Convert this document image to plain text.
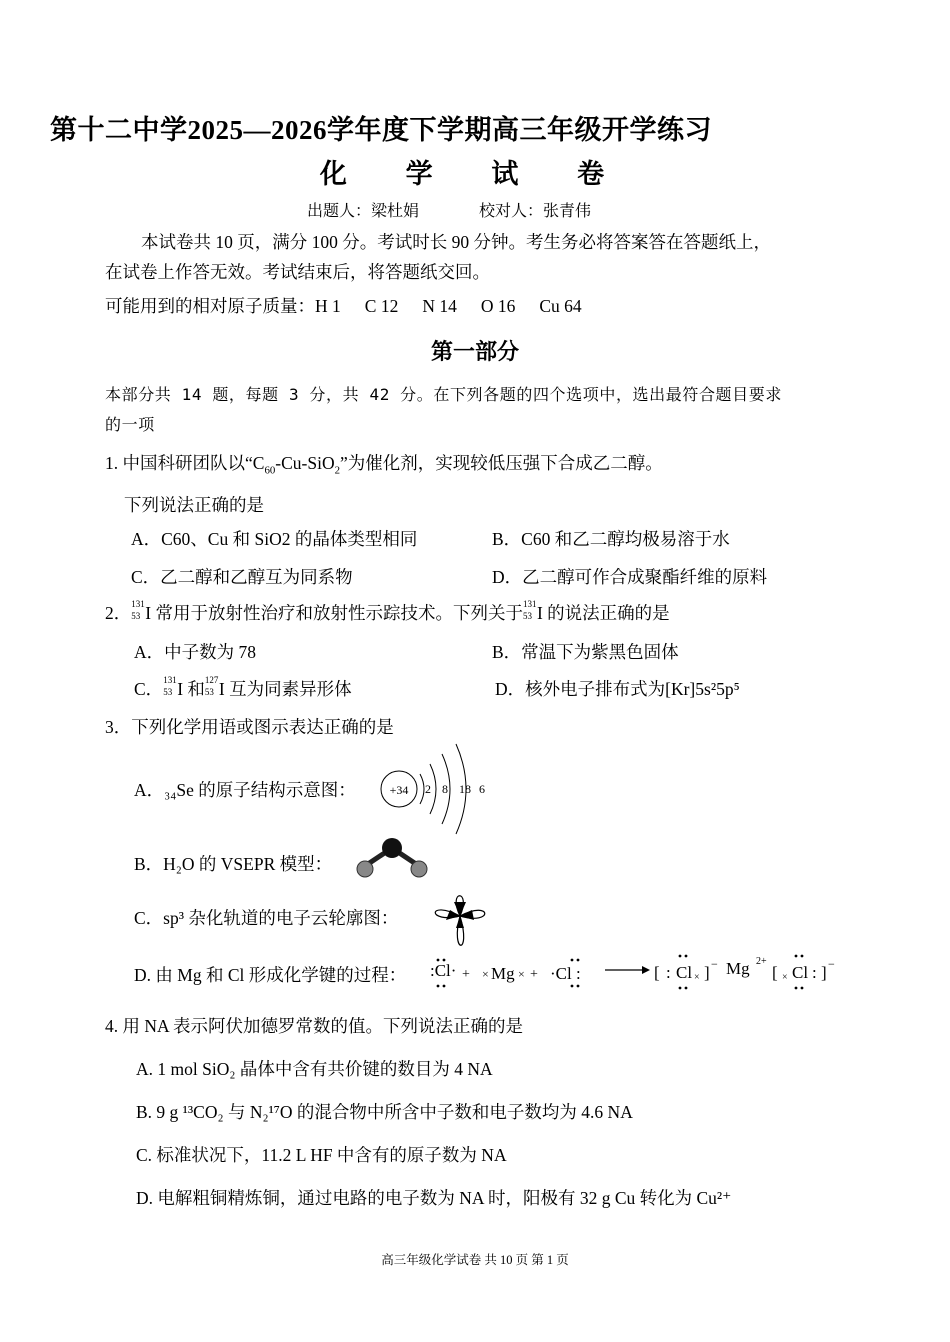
第十二中学2025—2026学年度下学期高三年级开学练习
化 学 试 卷
出题人：梁杜娟	校对人：张青伟
本试卷共 10 页，满分 100 分。考试时长 90 分钟。考生务必将答案答在答题纸上，
在试卷上作答无效。考试结束后，将答题纸交回。
可能用到的相对原子质量：H 1 C 12 N 14 O 16 Cu 64
第一部分
本部分共 14 题，每题 3 分，共 42 分。在下列各题的四个选项中，选出最符合题目要求
的一项
1. 中国科研团队以“$C_{60}-Cu-SiO_2$”为催化剂，实现较低压强下合成乙二醇。
下列说法正确的是
A．C60、Cu 和 SiO2 的晶体类型相同	B．C60 和乙二醇均极易溶于水
C．乙二醇和乙醇互为同系物	D．乙二醇可作合成聚酯纤维的原料
2． 131
53 I 常用于放射性治疗和放射性示踪技术。下列关于 131
53 I 的说法正确的是
A．中子数为 78	B．常温下为紫黑色固体
C． 131
53 I 和 127
53 I 互为同素异形体	D．核外电子排布式为[Kr]5s²5p⁵
3．下列化学用语或图示表达正确的是
A．₃₄Se 的原子结构示意图：	+34 2 8 18 6
B．H₂O 的 VSEPR 模型：
C．sp³ 杂化轨道的电子云轮廓图：
D. 由 Mg 和 Cl 形成化学键的过程： :Cl· + × Mg × + ·Cl :	[ : Cl × ] − Mg 2+
[ × Cl : ] −
4. 用 NA 表示阿伏加德罗常数的值。下列说法正确的是
A. 1 mol SiO₂ 晶体中含有共价键的数目为 4 NA
B. 9 g ¹³CO₂ 与 N₂¹⁷O 的混合物中所含中子数和电子数均为 4.6 NA
C. 标准状况下，11.2 L HF 中含有的原子数为 NA
D. 电解粗铜精炼铜，通过电路的电子数为 NA 时，阳极有 32 g Cu 转化为 Cu²⁺
高三年级化学试卷 共 10 页 第 1 页
